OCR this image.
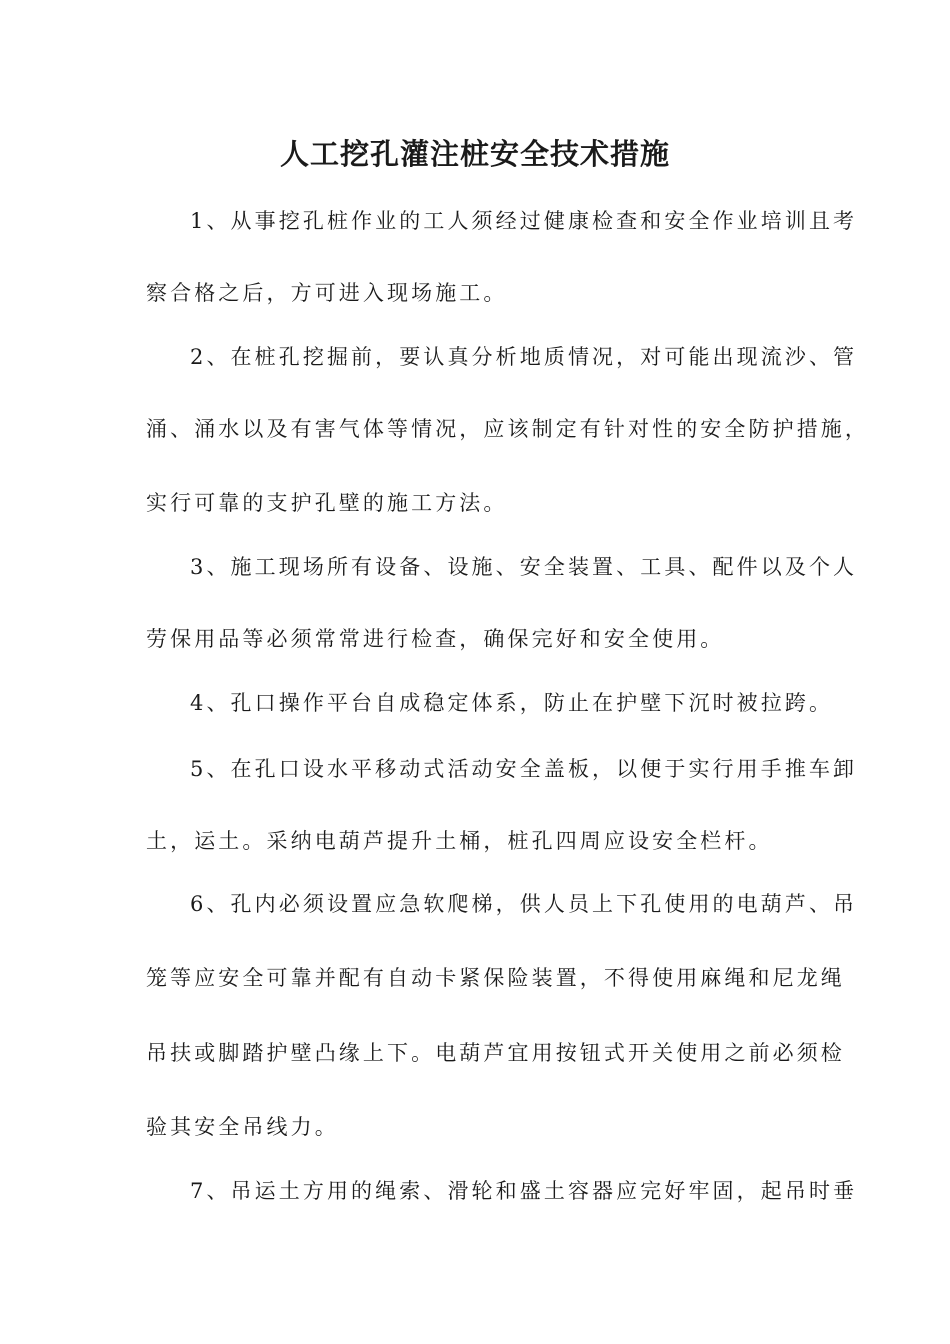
人工挖孔灌注桩安全技术措施
1、从事挖孔桩作业的工人须经过健康检查和安全作业培训且考
察合格之后，方可进入现场施工。
2、在桩孔挖掘前，要认真分析地质情况，对可能出现流沙、管
涌、涌水以及有害气体等情况，应该制定有针对性的安全防护措施，
实行可靠的支护孔壁的施工方法。
3、施工现场所有设备、设施、安全装置、工具、配件以及个人
劳保用品等必须常常进行检查，确保完好和安全使用。
4、孔口操作平台自成稳定体系，防止在护壁下沉时被拉跨。
5、在孔口设水平移动式活动安全盖板，以便于实行用手推车卸
土，运土。采纳电葫芦提升土桶，桩孔四周应设安全栏杆。
6、孔内必须设置应急软爬梯，供人员上下孔使用的电葫芦、吊
笼等应安全可靠并配有自动卡紧保险装置，不得使用麻绳和尼龙绳
吊扶或脚踏护壁凸缘上下。电葫芦宜用按钮式开关使用之前必须检
验其安全吊线力。
7、吊运土方用的绳索、滑轮和盛土容器应完好牢固，起吊时垂
